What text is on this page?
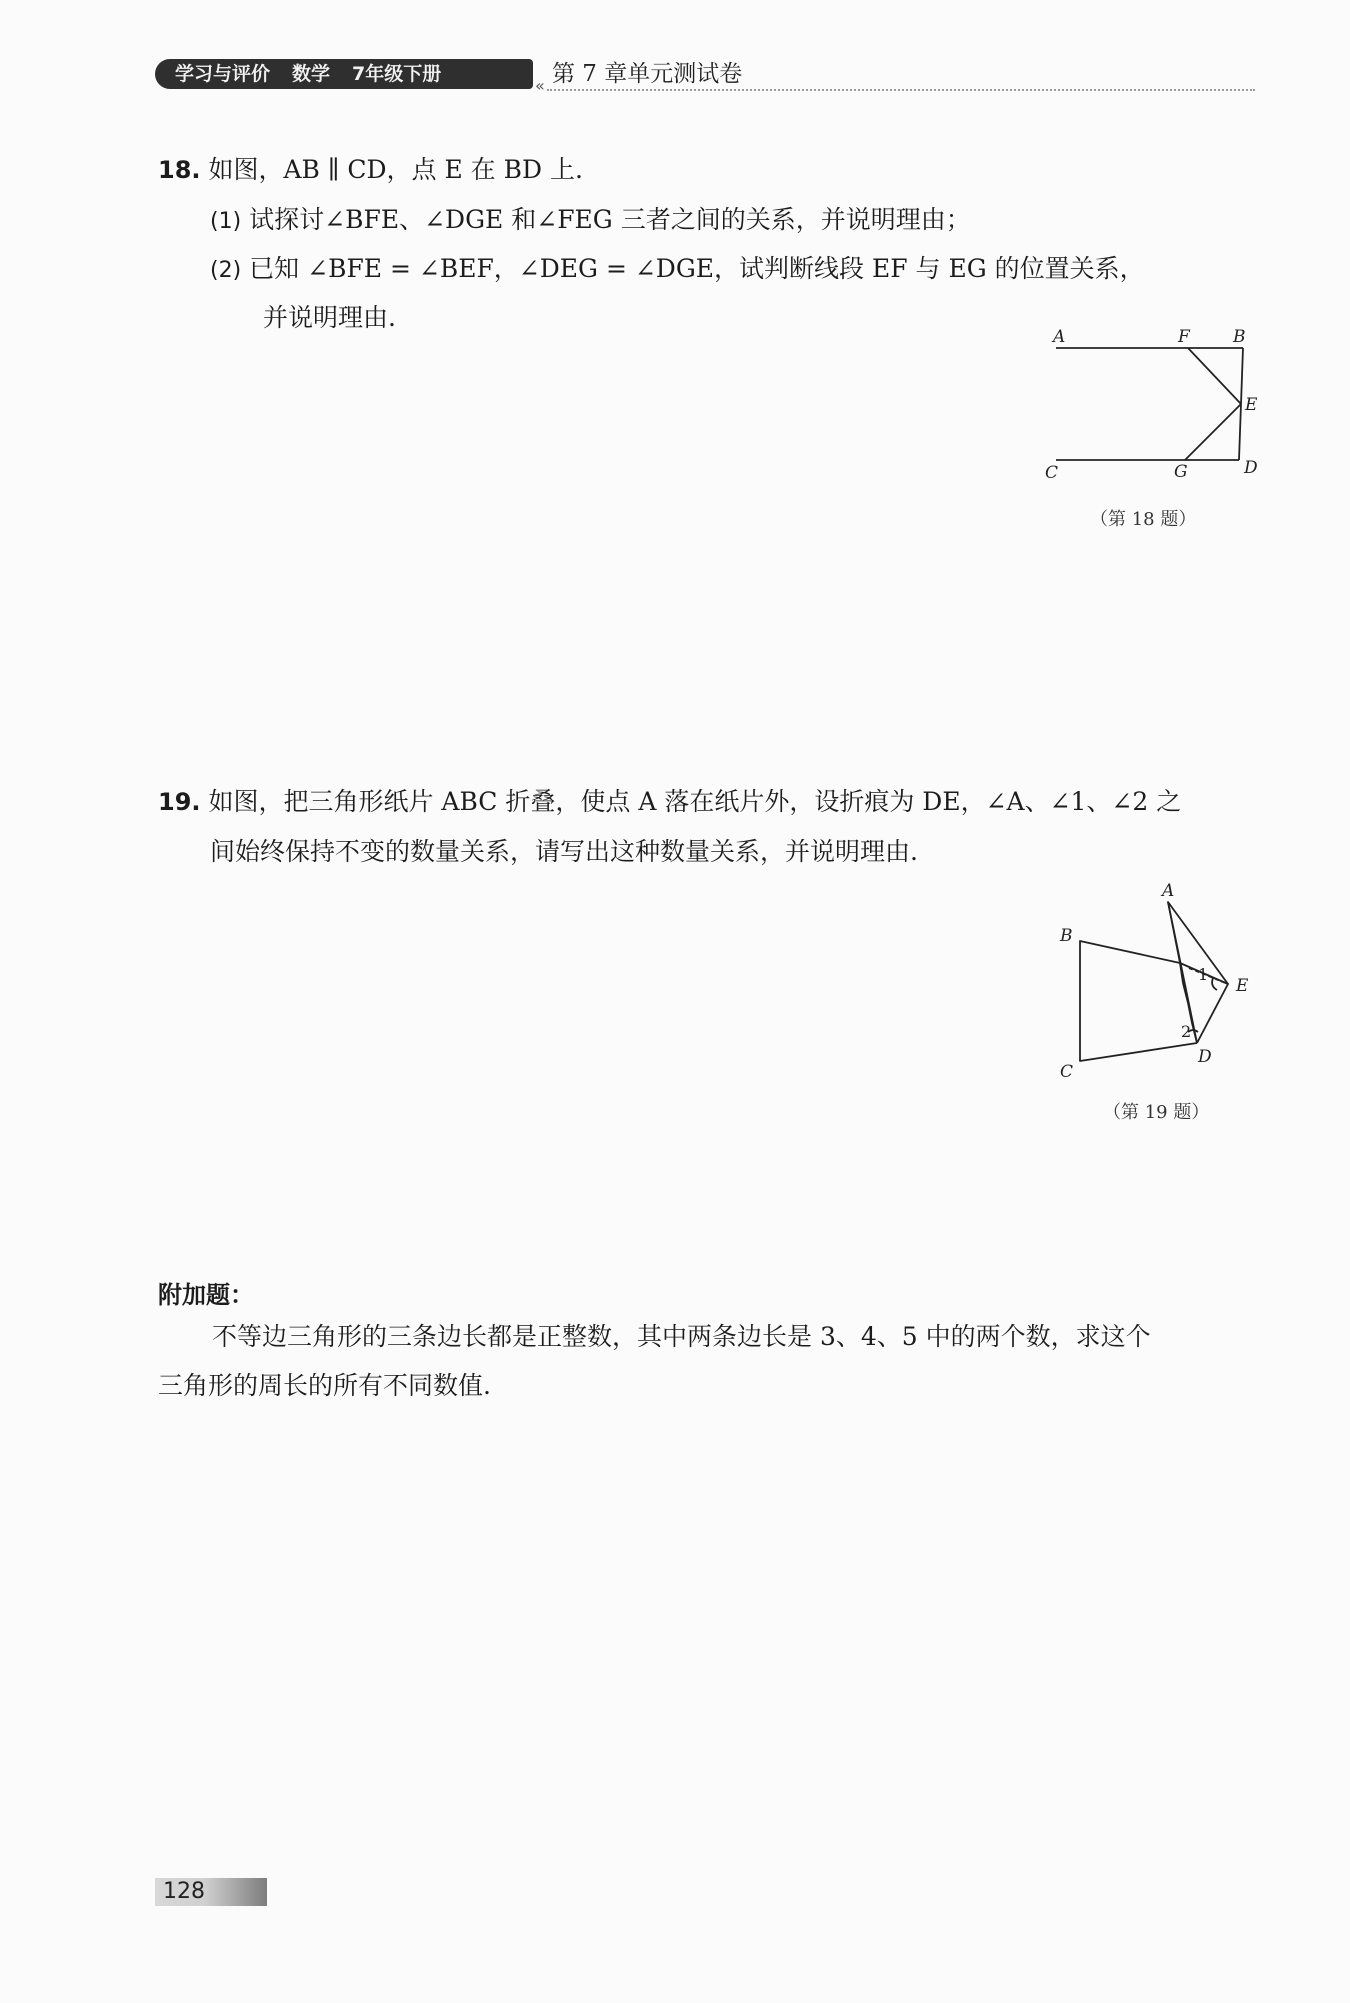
学习与评价 数学 7年级下册
« 第 7 章单元测试卷
18. 如图，AB ∥ CD，点 E 在 BD 上.
(1) 试探讨∠BFE、∠DGE 和∠FEG 三者之间的关系，并说明理由；
(2) 已知 ∠BFE = ∠BEF，∠DEG = ∠DGE，试判断线段 EF 与 EG 的位置关系，
并说明理由.
A	F	B
E
C	G	D
（第 18 题）
19. 如图，把三角形纸片 ABC 折叠，使点 A 落在纸片外，设折痕为 DE，∠A、∠1、∠2 之
间始终保持不变的数量关系，请写出这种数量关系，并说明理由.
A
B
E
C
D
1
2
（第 19 题）
附加题：
不等边三角形的三条边长都是正整数，其中两条边长是 3、4、5 中的两个数，求这个
三角形的周长的所有不同数值.
128
